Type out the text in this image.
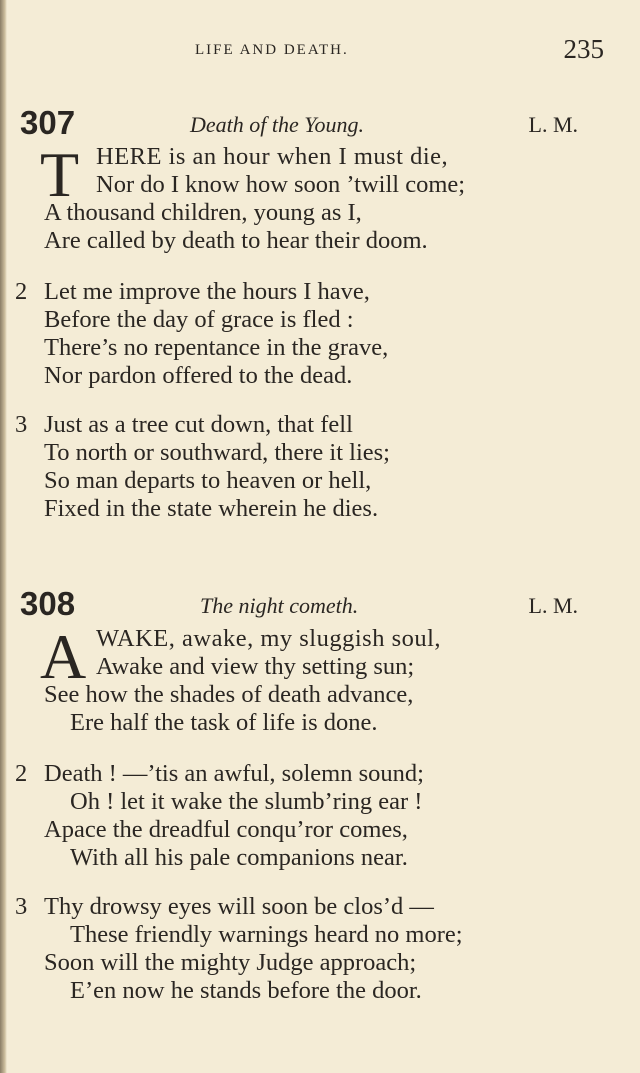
LIFE AND DEATH.	235
307	Death of the Young.	L. M.
T HERE is an hour when I must die,
Nor do I know how soon ’twill come;
A thousand children, young as I,
Are called by death to hear their doom.
2 Let me improve the hours I have,
Before the day of grace is fled :
There’s no repentance in the grave,
Nor pardon offered to the dead.
3 Just as a tree cut down, that fell
To north or southward, there it lies;
So man departs to heaven or hell,
Fixed in the state wherein he dies.
308	The night cometh.	L. M.
A WAKE, awake, my sluggish soul,
Awake and view thy setting sun;
See how the shades of death advance,
Ere half the task of life is done.
2 Death ! —’tis an awful, solemn sound;
Oh ! let it wake the slumb’ring ear !
Apace the dreadful conqu’ror comes,
With all his pale companions near.
3 Thy drowsy eyes will soon be clos’d —
These friendly warnings heard no more;
Soon will the mighty Judge approach;
E’en now he stands before the door.
